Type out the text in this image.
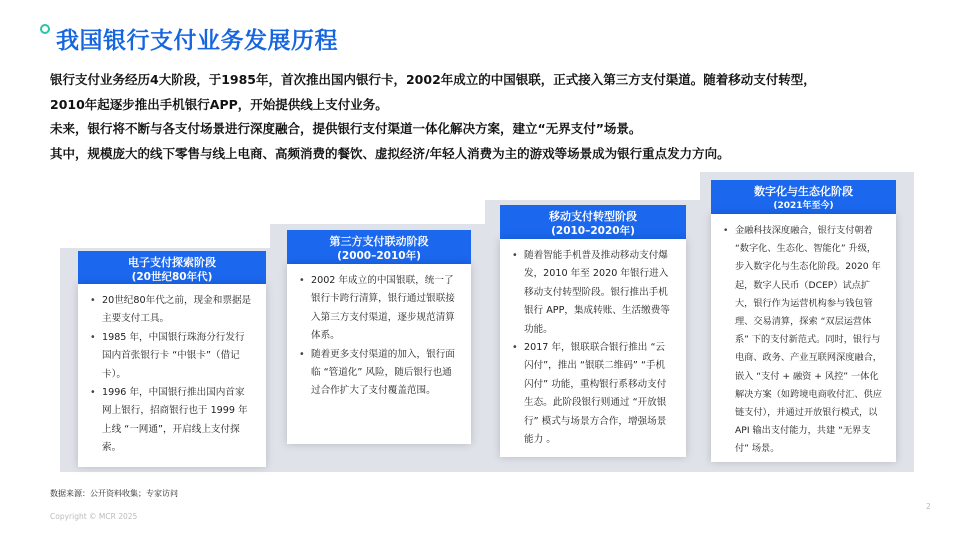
我国银行支付业务发展历程

银行支付业务经历4大阶段，于1985年，首次推出国内银行卡，2002年成立的中国银联，正式接入第三方支付渠道。随着移动支付转型，

2010年起逐步推出手机银行APP，开始提供线上支付业务。

未来，银行将不断与各支付场景进行深度融合，提供银行支付渠道一体化解决方案，建立“无界支付”场景。

其中，规模庞大的线下零售与线上电商、高频消费的餐饮、虚拟经济/年轻人消费为主的游戏等场景成为银行重点发力方向。

电子支付探索阶段
(20世纪80年代)
• 20世纪80年代之前，现金和票据是主要支付工具。
• 1985 年，中国银行珠海分行发行国内首张银行卡 “中银卡”（借记卡）。
• 1996 年，中国银行推出国内首家网上银行，招商银行也于 1999 年上线 “一网通”，开启线上支付探索。
第三方支付联动阶段
(2000–2010年)
• 2002 年成立的中国银联，统一了银行卡跨行清算，银行通过银联接入第三方支付渠道，逐步规范清算体系。
• 随着更多支付渠道的加入，银行面临 “管道化” 风险，随后银行也通过合作扩大了支付覆盖范围。
移动支付转型阶段
(2010–2020年)
• 随着智能手机普及推动移动支付爆发，2010 年至 2020 年银行进入移动支付转型阶段。银行推出手机银行 APP，集成转账、生活缴费等功能。
• 2017 年，银联联合银行推出 “云闪付”，推出 “银联二维码” “手机闪付” 功能，重构银行系移动支付生态。此阶段银行则通过 “开放银行” 模式与场景方合作，增强场景能力 。
数字化与生态化阶段
(2021年至今)
• 金融科技深度融合，银行支付朝着 “数字化、生态化、智能化” 升级，步入数字化与生态化阶段。2020 年起，数字人民币（DCEP）试点扩大，银行作为运营机构参与钱包管理、交易清算，探索 “双层运营体系” 下的支付新范式。同时，银行与电商、政务、产业互联网深度融合，嵌入 “支付 + 融资 + 风控” 一体化解决方案（如跨境电商收付汇、供应链支付），并通过开放银行模式，以 API 输出支付能力，共建 “无界支付” 场景。
数据来源：公开资料收集；专家访问
Copyright © MCR 2025
2
